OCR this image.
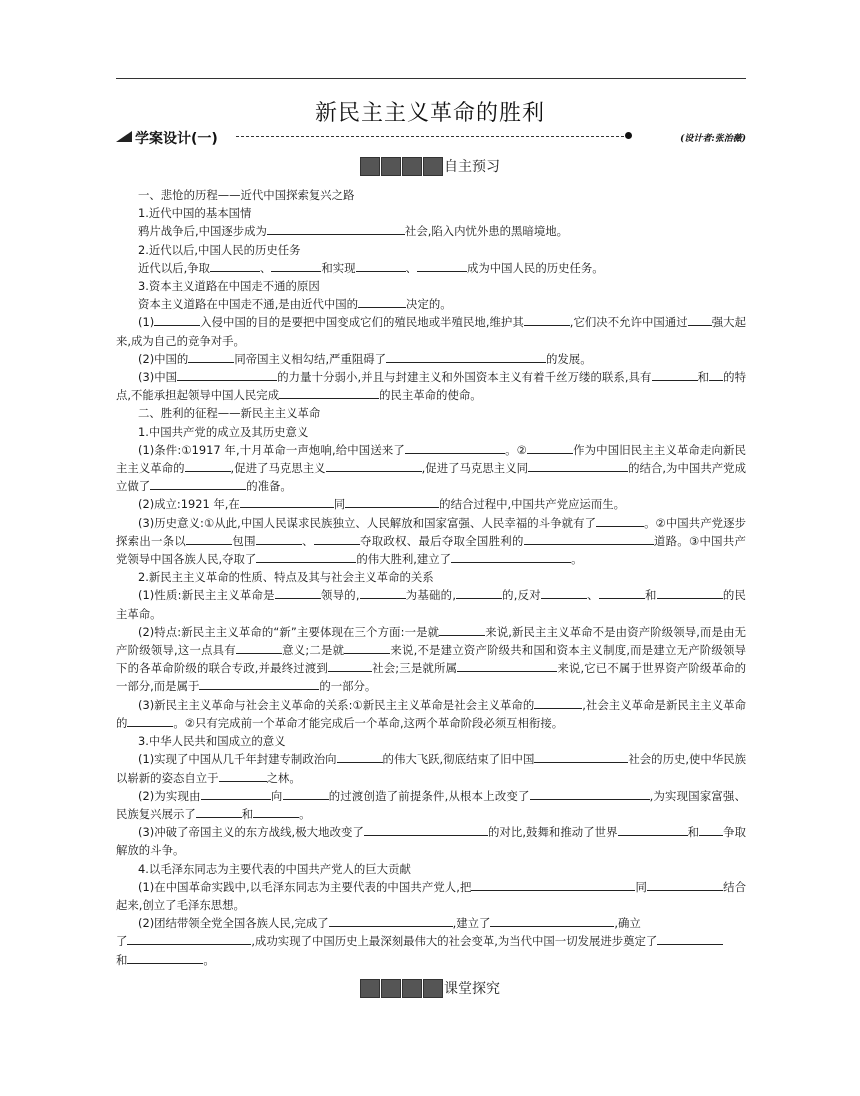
新民主主义革命的胜利
学案设计(一)	(设计者:张治薇)
自主预习

一、悲怆的历程——近代中国探索复兴之路

1.近代中国的基本国情

鸦片战争后,中国逐步成为	社会,陷入内忧外患的黑暗境地。

2.近代以后,中国人民的历史任务

近代以后,争取	、	和实现	、	成为中国人民的历史任务。

3.资本主义道路在中国走不通的原因

资本主义道路在中国走不通,是由近代中国的	决定的。

(1)	入侵中国的目的是要把中国变成它们的殖民地或半殖民地,维护其	,它们决不允许中国通过 强大起来,成为自己的竞争对手。

(2)中国的	同帝国主义相勾结,严重阻碍了	的发展。

(3)中国	的力量十分弱小,并且与封建主义和外国资本主义有着千丝万缕的联系,具有	和 的特点,不能承担起领导中国人民完成	的民主革命的使命。

二、胜利的征程——新民主主义革命

1.中国共产党的成立及其历史意义

(1)条件:①1917 年,十月革命一声炮响,给中国送来了	。②	作为中国旧民主主义革命走向新民主主义革命的	,促进了马克思主义	,促进了马克思主义同	的结合,为中国共产党成立做了	的准备。

(2)成立:1921 年,在	同	的结合过程中,中国共产党应运而生。

(3)历史意义:①从此,中国人民谋求民族独立、人民解放和国家富强、人民幸福的斗争就有了	。②中国共产党逐步探索出一条以	包围	、	夺取政权、最后夺取全国胜利的	道路。③中国共产党领导中国各族人民,夺取了	的伟大胜利,建立了	。

2.新民主主义革命的性质、特点及其与社会主义革命的关系

(1)性质:新民主主义革命是	领导的,	为基础的,	的,反对	、	和	的民主革命。

(2)特点:新民主主义革命的“新”主要体现在三个方面:一是就	来说,新民主主义革命不是由资产阶级领导,而是由无产阶级领导,这一点具有	意义;二是就	来说,不是建立资产阶级共和国和资本主义制度,而是建立无产阶级领导下的各革命阶级的联合专政,并最终过渡到	社会;三是就所属	来说,它已不属于世界资产阶级革命的一部分,而是属于	的一部分。

(3)新民主主义革命与社会主义革命的关系:①新民主主义革命是社会主义革命的	,社会主义革命是新民主主义革命的	。②只有完成前一个革命才能完成后一个革命,这两个革命阶段必须互相衔接。

3.中华人民共和国成立的意义

(1)实现了中国从几千年封建专制政治向	的伟大飞跃,彻底结束了旧中国	社会的历史,使中华民族以崭新的姿态自立于	之林。

(2)为实现由	向	的过渡创造了前提条件,从根本上改变了	,为实现国家富强、民族复兴展示了	和	。

(3)冲破了帝国主义的东方战线,极大地改变了	的对比,鼓舞和推动了世界	和 争取解放的斗争。

4.以毛泽东同志为主要代表的中国共产党人的巨大贡献

(1)在中国革命实践中,以毛泽东同志为主要代表的中国共产党人,把	同	结合起来,创立了毛泽东思想。

(2)团结带领全党全国各族人民,完成了	,建立了	,确立
了	,成功实现了中国历史上最深刻最伟大的社会变革,为当代中国一切发展进步奠定了
和	。

课堂探究
